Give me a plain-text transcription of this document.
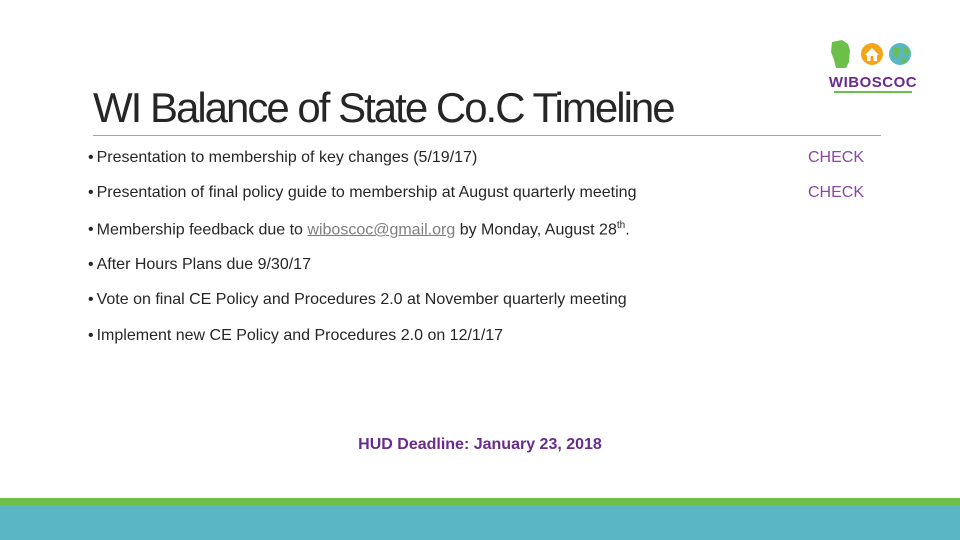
WIBOSCOC
WI Balance of State Co.C Timeline
• Presentation to membership of key changes (5/19/17)	CHECK
• Presentation of final policy guide to membership at August quarterly meeting	CHECK
• Membership feedback due to wiboscoc@gmail.org by Monday, August 28th.
• After Hours Plans due 9/30/17
• Vote on final CE Policy and Procedures 2.0 at November quarterly meeting
• Implement new CE Policy and Procedures 2.0 on 12/1/17
HUD Deadline: January 23, 2018
